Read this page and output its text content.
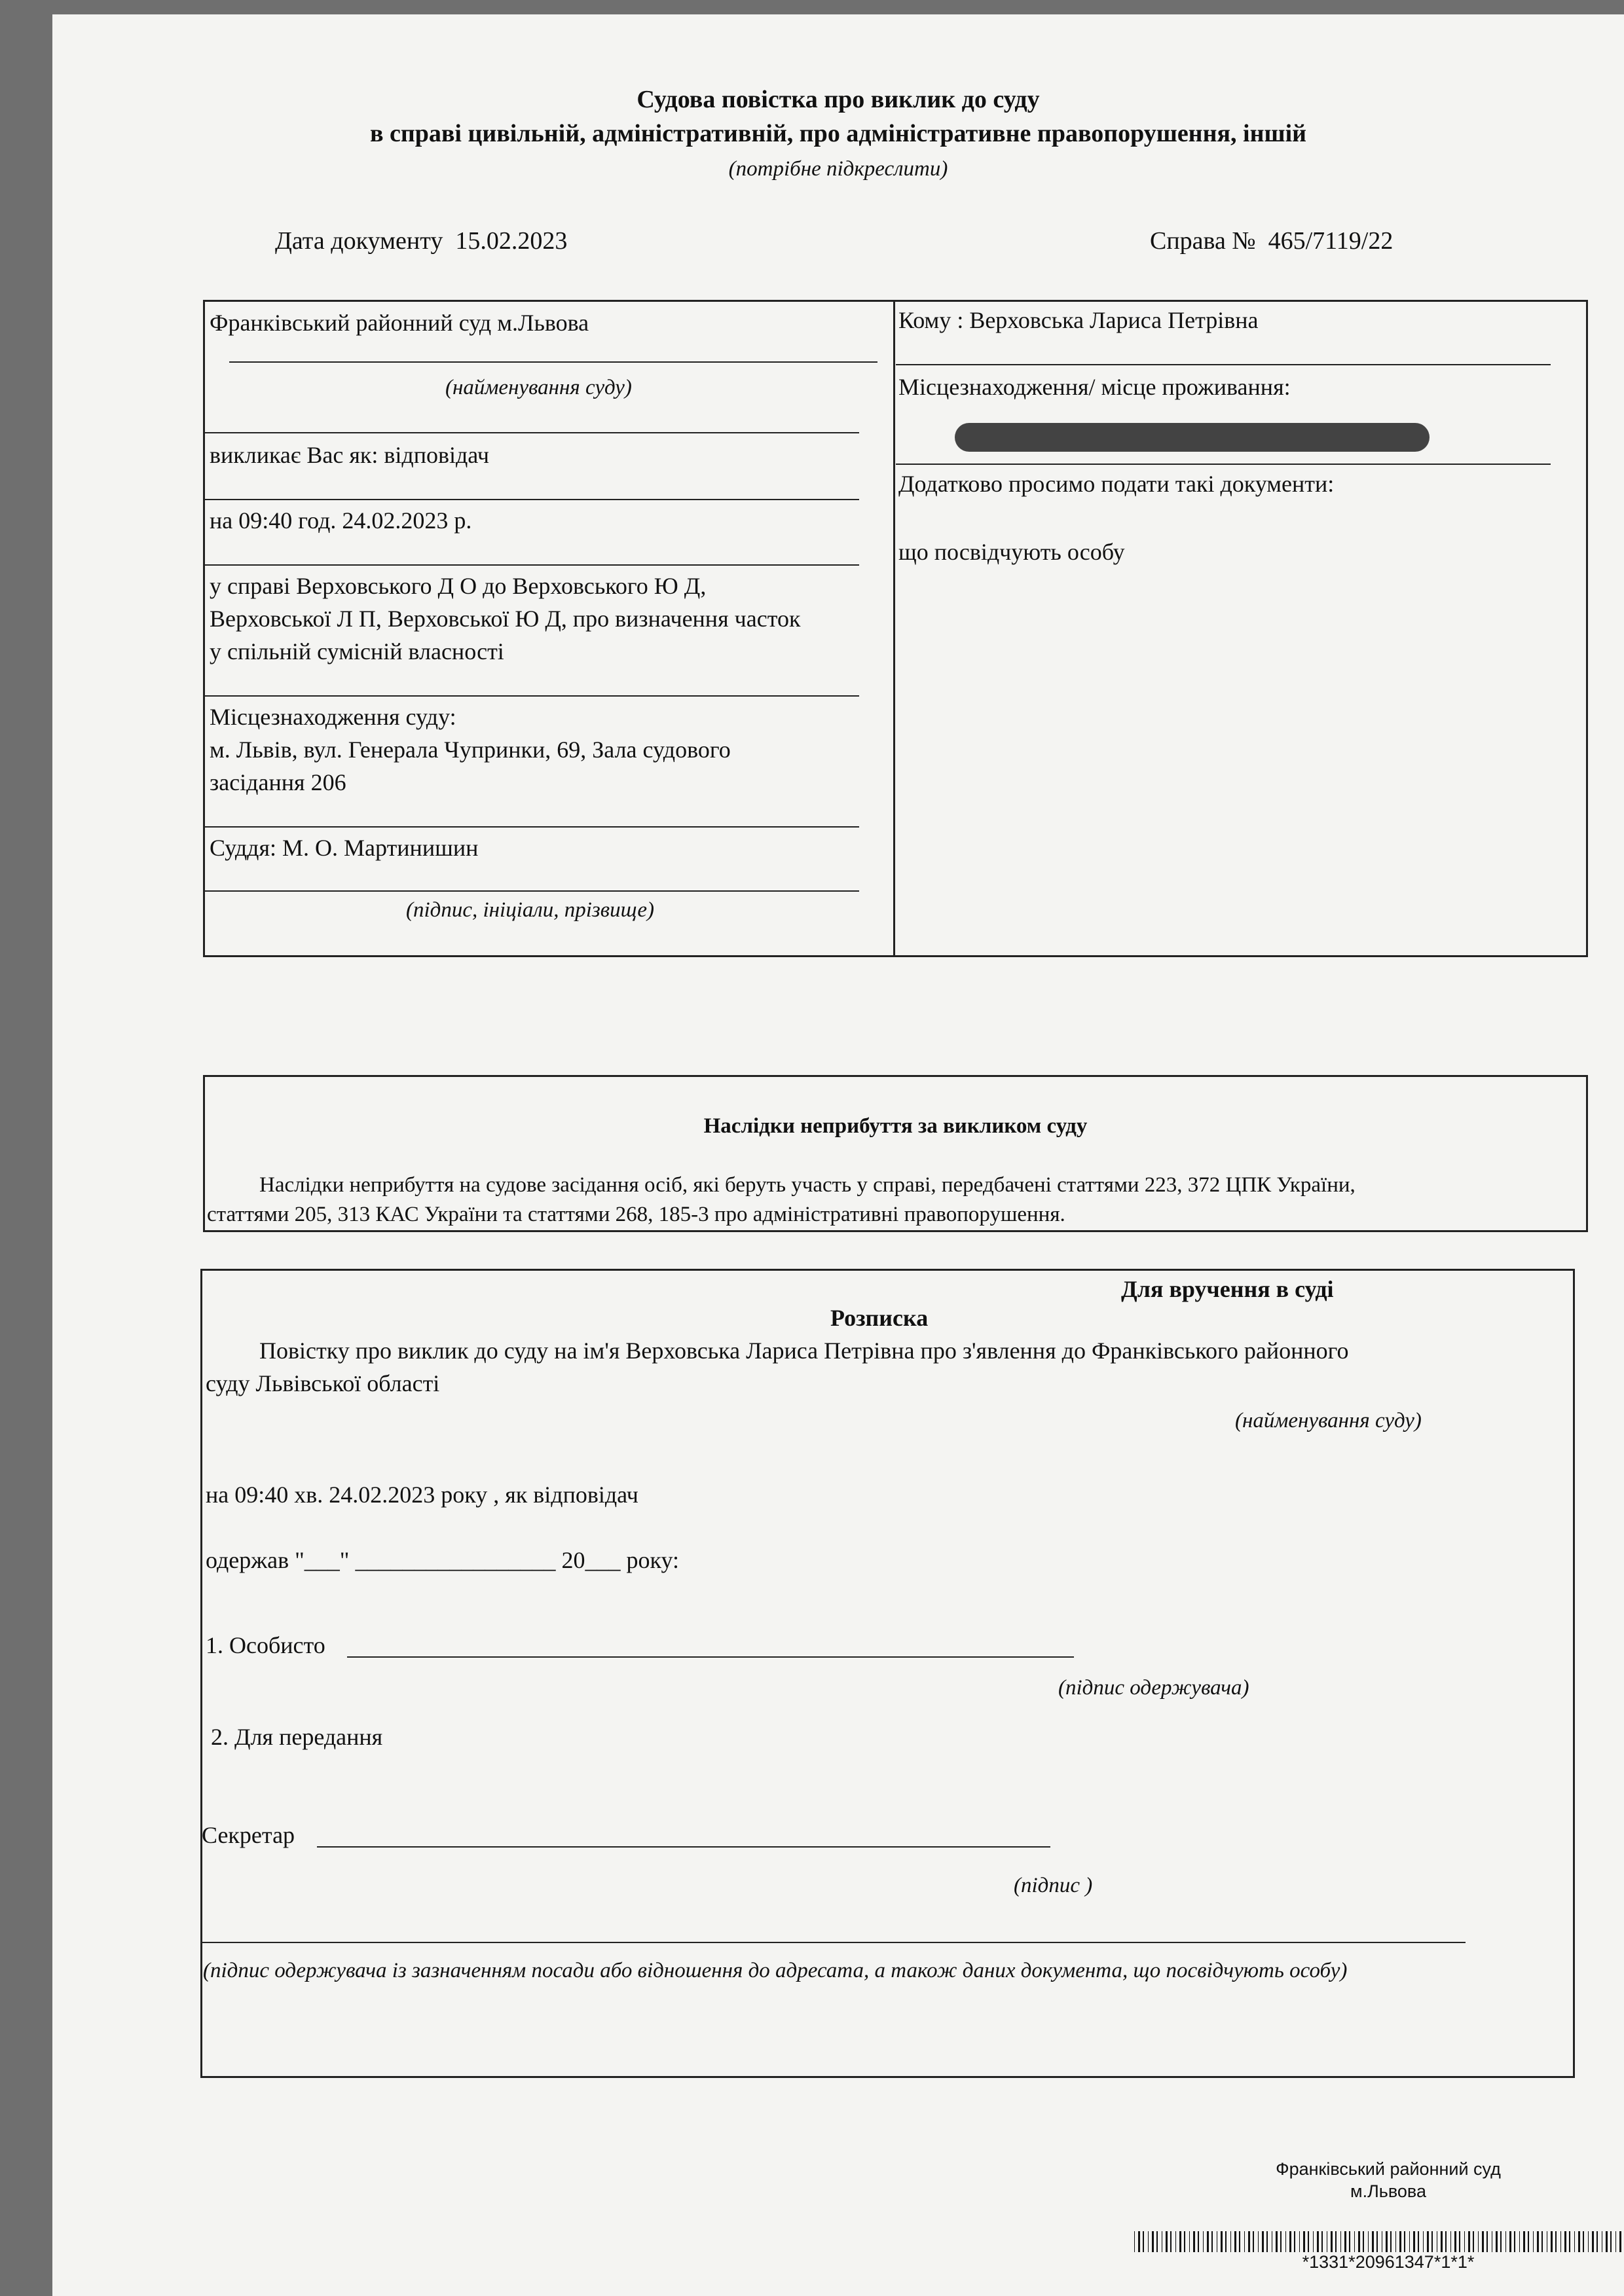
Судова повістка про виклик до суду
в справі цивільній, адміністративній, про адміністративне правопорушення, іншій
(потрібне підкреслити)
Дата документу 15.02.2023	Справа № 465/7119/22
Франківський районний суд м.Львова
(найменування суду)
викликає Вас як: відповідач
на 09:40 год. 24.02.2023 р.
у справі Верховського Д О до Верховського Ю Д,
Верховської Л П, Верховської Ю Д, про визначення часток
у спільній сумісній власності
Місцезнаходження суду:
м. Львів, вул. Генерала Чупринки, 69, Зала судового
засідання 206
Суддя: М. О. Мартинишин
(підпис, ініціали, прізвище)
Кому : Верховська Лариса Петрівна
Місцезнаходження/ місце проживання:
Додатково просимо подати такі документи:
що посвідчують особу
Наслідки неприбуття за викликом суду
Наслідки неприбуття на судове засідання осіб, які беруть участь у справі, передбачені статтями 223, 372 ЦПК України,
статтями 205, 313 КАС України та статтями 268, 185-3 про адміністративні правопорушення.
Для вручення в суді
Розписка
Повістку про виклик до суду на ім'я Верховська Лариса Петрівна про з'явлення до Франківського районного
суду Львівської області
(найменування суду)
на 09:40 хв. 24.02.2023 року , як відповідач
одержав "___" _________________ 20___ року:
1. Особисто
(підпис одержувача)
2. Для передання
Секретар
(підпис )
(підпис одержувача із зазначенням посади або відношення до адресата, а також даних документа, що посвідчують особу)
Франківський районний суд
м.Львова
*1331*20961347*1*1*
